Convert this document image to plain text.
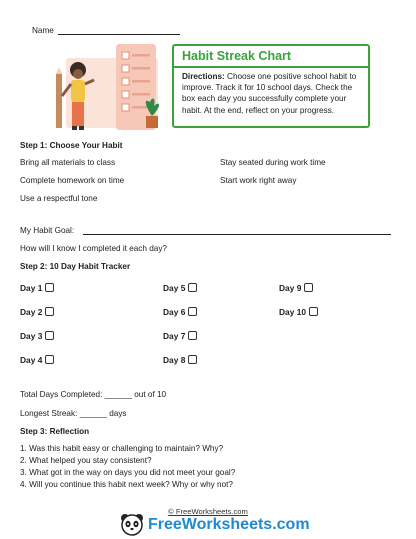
Name
Habit Streak Chart
Directions: Choose one positive school habit to improve. Track it for 10 school days. Check the box each day you successfully complete your habit. At the end, reflect on your progress.
Step 1: Choose Your Habit
Bring all materials to class	Stay seated during work time
Complete homework on time	Start work right away
Use a respectful tone
My Habit Goal:
How will I know I completed it each day?
Step 2: 10 Day Habit Tracker
Day 1
Day 2
Day 3
Day 4
Day 5
Day 6
Day 7
Day 8
Day 9
Day 10
Total Days Completed: ______ out of 10
Longest Streak: ______ days
Step 3: Reflection
1. Was this habit easy or challenging to maintain? Why?
2. What helped you stay consistent?
3. What got in the way on days you did not meet your goal?
4. Will you continue this habit next week? Why or why not?
© FreeWorksheets.com
FreeWorksheets.com
